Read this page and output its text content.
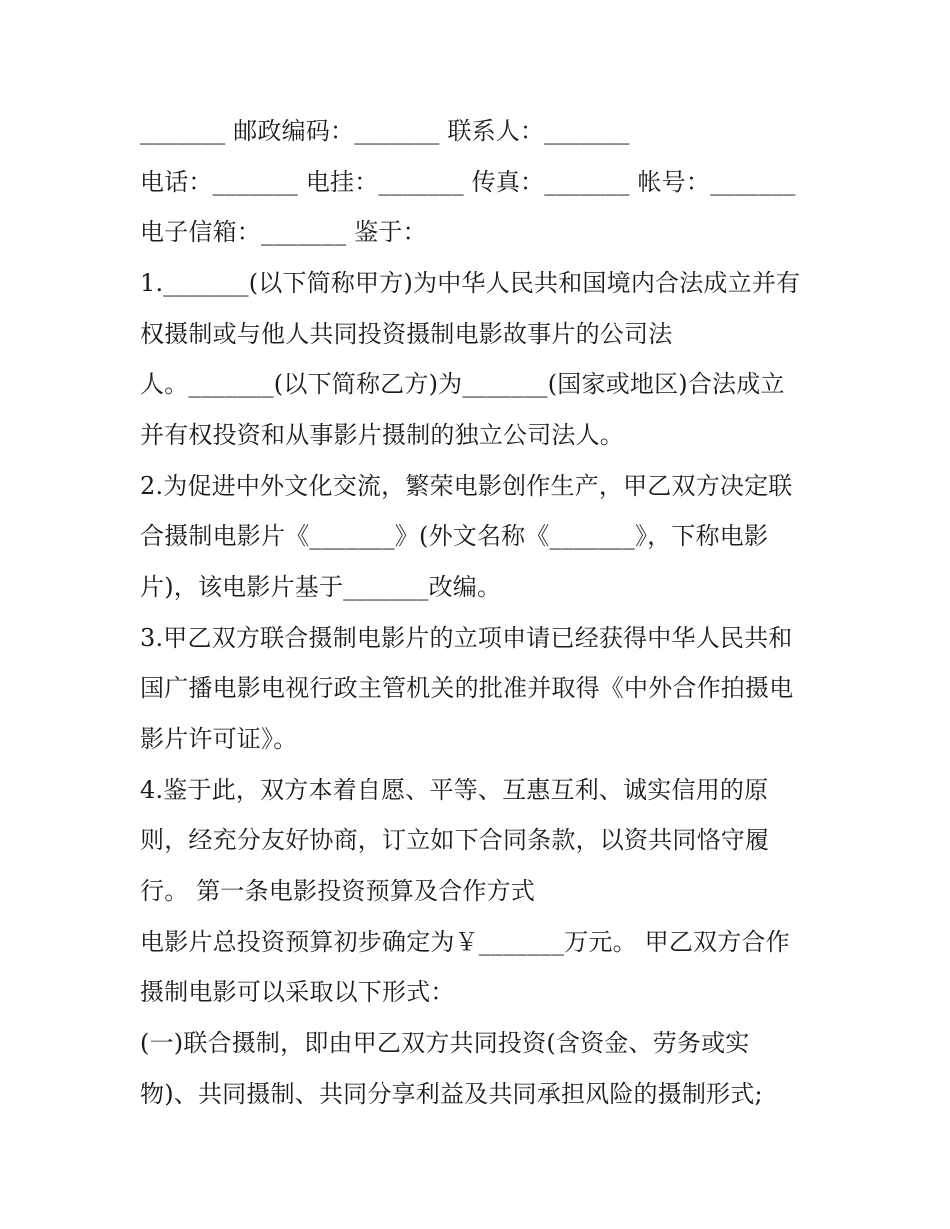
_______ 邮政编码：_______ 联系人：_______
电话：_______ 电挂：_______ 传真：_______ 帐号：_______
电子信箱：_______ 鉴于：
1._______(以下简称甲方)为中华人民共和国境内合法成立并有
权摄制或与他人共同投资摄制电影故事片的公司法
人。_______(以下简称乙方)为_______(国家或地区)合法成立
并有权投资和从事影片摄制的独立公司法人。
2.为促进中外文化交流，繁荣电影创作生产，甲乙双方决定联
合摄制电影片《_______》(外文名称《_______》，下称电影
片)，该电影片基于_______改编。
3.甲乙双方联合摄制电影片的立项申请已经获得中华人民共和
国广播电影电视行政主管机关的批准并取得《中外合作拍摄电
影片许可证》。
4.鉴于此，双方本着自愿、平等、互惠互利、诚实信用的原
则，经充分友好协商，订立如下合同条款，以资共同恪守履
行。 第一条电影投资预算及合作方式
电影片总投资预算初步确定为￥_______万元。 甲乙双方合作
摄制电影可以采取以下形式：
(一)联合摄制，即由甲乙双方共同投资(含资金、劳务或实
物)、共同摄制、共同分享利益及共同承担风险的摄制形式;
